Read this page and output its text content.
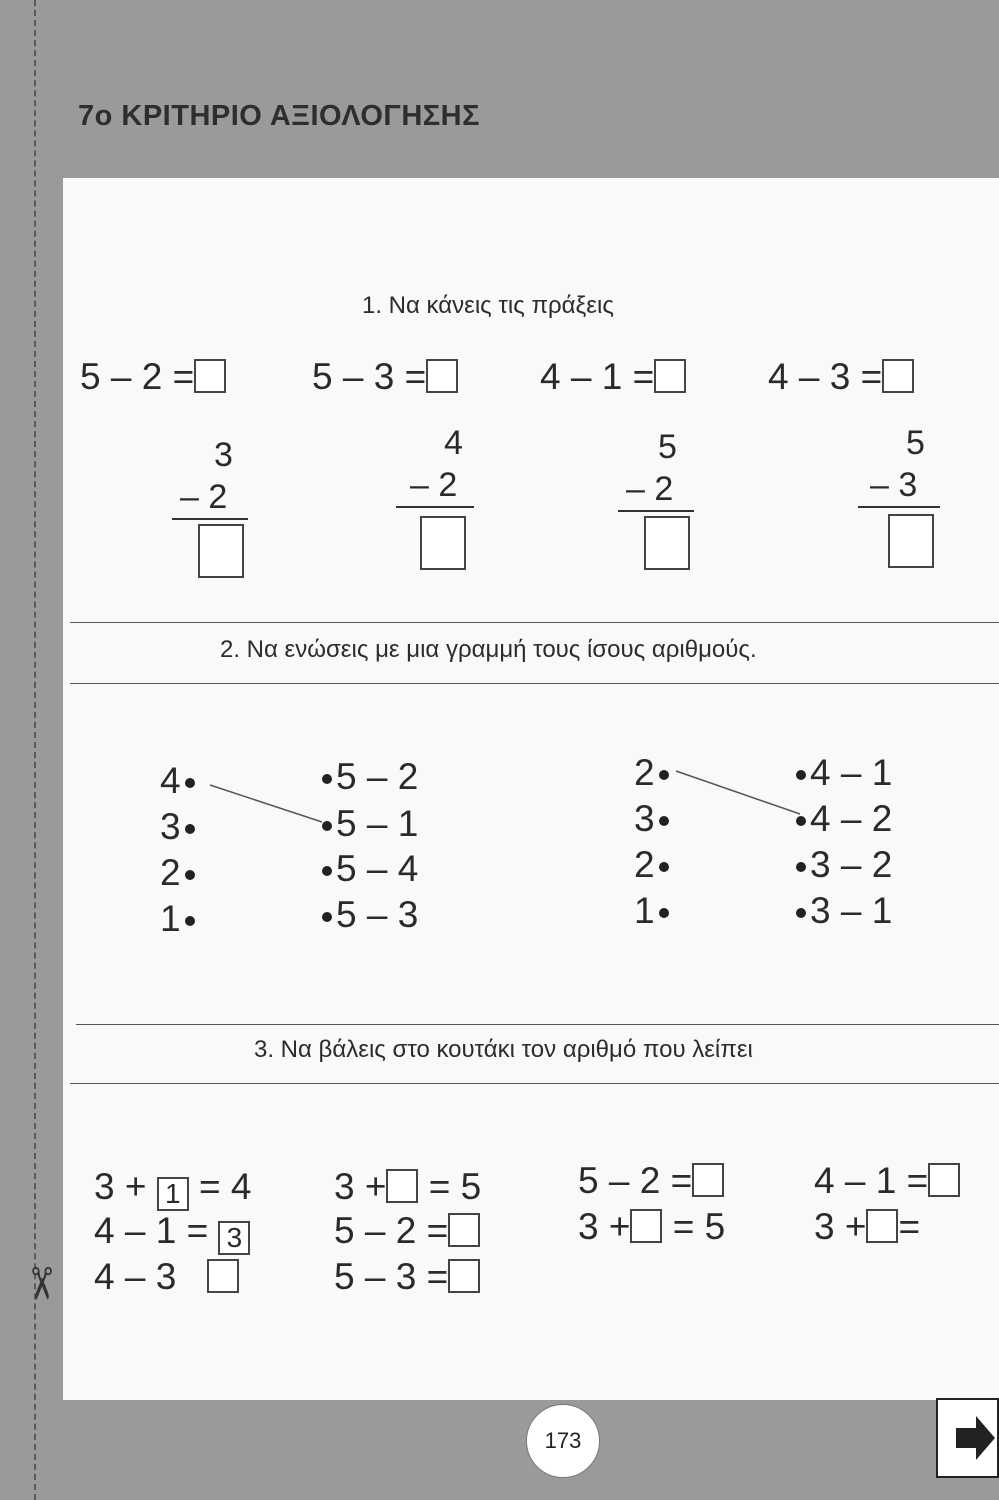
7ο ΚΡΙΤΗΡΙΟ ΑΞΙΟΛΟΓΗΣΗΣ
1. Να κάνεις τις πράξεις
5 – 2 =	5 – 3 =	4 – 1 =	4 – 3 =
3
– 2
4
– 2
5
– 2
5
– 3
2. Να ενώσεις με μια γραμμή τους ίσους αριθμούς.
4
3
2
1
5 – 2
5 – 1
5 – 4
5 – 3
2
3
2
1
4 – 1
4 – 2
3 – 2
3 – 1
3. Να βάλεις στο κουτάκι τον αριθμό που λείπει
3 + 1 = 4 3 + = 5	5 – 2 =	4 – 1 =
4 – 1 = 3 5 – 2 =	3 + = 5 3 + =
4 – 3	5 – 3 =
✂
173
